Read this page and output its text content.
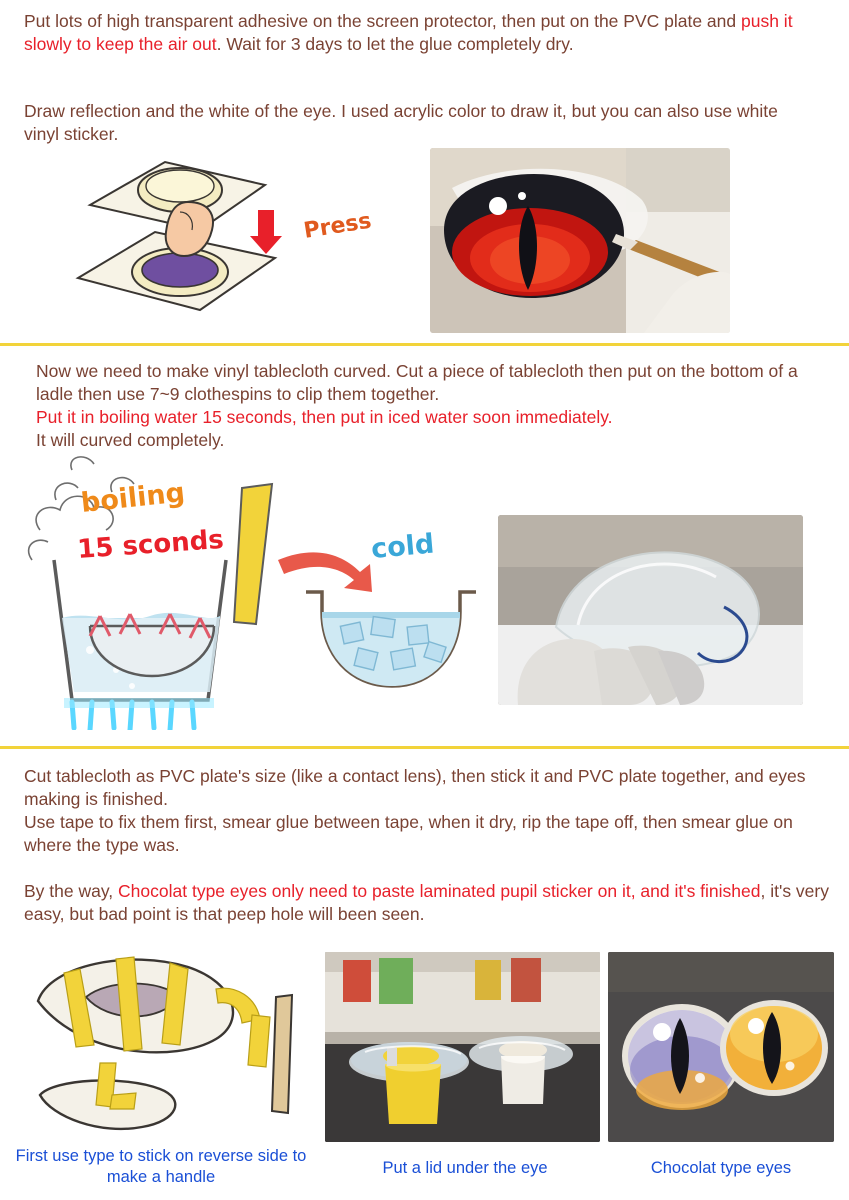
Put lots of high transparent adhesive on the screen protector, then put on the PVC plate and push it slowly to keep the air out. Wait for 3 days to let the glue completely dry.
Draw reflection and the white of the eye. I used acrylic color to draw it, but you can also use white vinyl sticker.
Press
Now we need to make vinyl tablecloth curved. Cut a piece of tablecloth then put on the bottom of a ladle then use 7~9 clothespins to clip them together.
Put it in boiling water 15 seconds, then put in iced water soon immediately.
It will curved completely.
boiling
15 sconds	cold
Cut tablecloth as PVC plate's size (like a contact lens), then stick it and PVC plate together, and eyes making is finished.
Use tape to fix them first, smear glue between tape, when it dry, rip the tape off, then smear glue on where the type was.
By the way, Chocolat type eyes only need to paste laminated pupil sticker on it, and it's finished, it's very easy, but bad point is that peep hole will been seen.
First use type to stick on reverse side to make a handle	Put a lid under the eye	Chocolat type eyes
